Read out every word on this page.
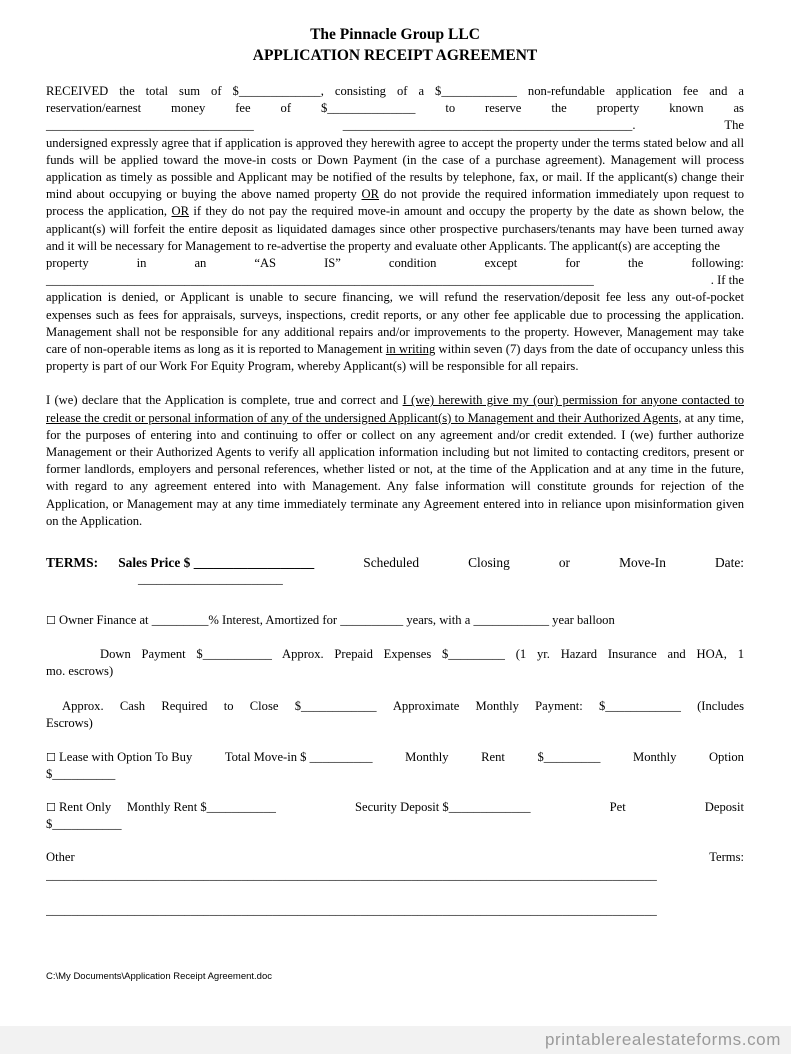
The Pinnacle Group LLC
APPLICATION RECEIPT AGREEMENT
RECEIVED the total sum of $_____________, consisting of a $____________ non-refundable application fee and a
reservation/earnest money fee of $______________ to reserve the property known as
_________________________________	______________________________________________.	The

undersigned expressly agree that if application is approved they herewith agree to accept the property under the terms stated below and all funds will be applied toward the move-in costs or Down Payment (in the case of a purchase agreement). Management will process application as timely as possible and Applicant may be notified of the results by telephone, fax, or mail. If the applicant(s) change their mind about occupying or buying the above named property OR do not provide the required information immediately upon request to process the application, OR if they do not pay the required move-in amount and occupy the property by the date as shown below, the applicant(s) will forfeit the entire deposit as liquidated damages since other prospective purchasers/tenants may have been turned away and it will be necessary for Management to re-advertise the property and evaluate other Applicants. The applicant(s) are accepting the

property	in	an	“AS	IS”	condition	except	for	the	following:
_______________________________________________________________________________________	. If the

application is denied, or Applicant is unable to secure financing, we will refund the reservation/deposit fee less any out-of-pocket expenses such as fees for appraisals, surveys, inspections, credit reports, or any other fee applicable due to processing the application. Management shall not be responsible for any additional repairs and/or improvements to the property. However, Management may take care of non-operable items as long as it is reported to Management in writing within seven (7) days from the date of occupancy unless this property is part of our Work For Equity Program, whereby Applicant(s) will be responsible for all repairs.

I (we) declare that the Application is complete, true and correct and I (we) herewith give my (our) permission for anyone contacted to release the credit or personal information of any of the undersigned Applicant(s) to Management and their Authorized Agents, at any time, for the purposes of entering into and continuing to offer or collect on any agreement and/or credit extended. I (we) further authorize Management or their Authorized Agents to verify all application information including but not limited to contacting creditors, present or former landlords, employers and personal references, whether listed or not, at the time of the Application and at any time in the future, with regard to any agreement entered into with Management. Any false information will constitute grounds for rejection of the Application, or Management may at any time immediately terminate any Agreement entered into in reliance upon misinformation given on the Application.

TERMS: Sales Price $ __________________	Scheduled	Closing	or	Move-In	Date:
_______________________
☐ Owner Finance at _________% Interest, Amortized for __________ years, with a ____________ year balloon
Down Payment $___________ Approx. Prepaid Expenses $_________ (1 yr. Hazard Insurance and HOA, 1
mo. escrows)
Approx. Cash Required to Close $____________ Approximate Monthly Payment: $____________ (Includes
Escrows)
☐ Lease with Option To Buy	Total Move-in $ __________	Monthly	Rent	$_________	Monthly	Option
$__________
☐ Rent Only Monthly Rent $___________	Security Deposit $_____________	Pet	Deposit
$___________
Other	Terms:
_________________________________________________________________________________________________
_________________________________________________________________________________________________
C:\My Documents\Application Receipt Agreement.doc
printablerealestateforms.com
